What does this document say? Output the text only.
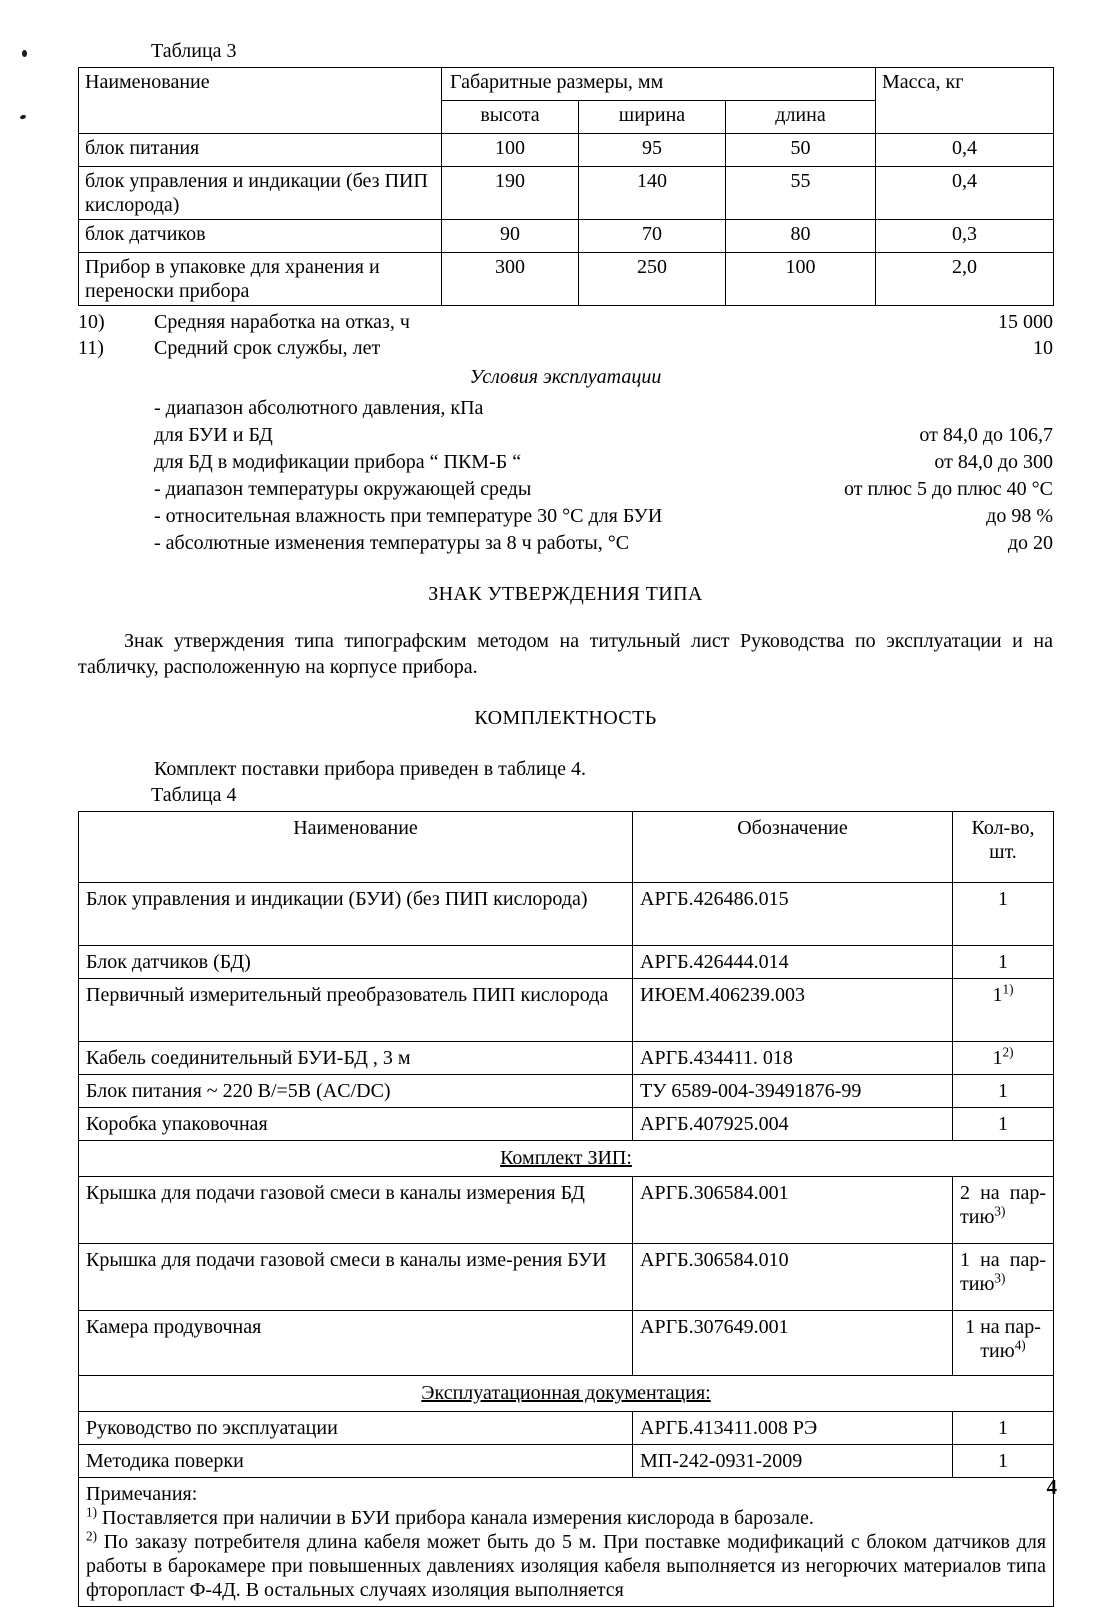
Таблица 3
Наименование	Габаритные размеры, мм			Масса, кг
	высота	ширина	длина	
блок питания	100	95	50	0,4
блок управления и индикации (без ПИП кислорода)	190	140	55	0,4
блок датчиков	90	70	80	0,3
Прибор в упаковке для хранения и переноски прибора	300	250	100	2,0
10)	Средняя наработка на отказ, ч	15 000
11)	Средний срок службы, лет	10
Условия эксплуатации
- диапазон абсолютного давления, кПа
для БУИ и БД	от 84,0 до 106,7
для БД в модификации прибора “ ПКМ-Б “	от 84,0 до 300
- диапазон температуры окружающей среды	от плюс 5 до плюс 40 °С
- относительная влажность при температуре 30 °С для БУИ	до 98 %
- абсолютные изменения температуры за 8 ч работы, °С	до 20
ЗНАК УТВЕРЖДЕНИЯ ТИПА
Знак утверждения типа типографским методом на титульный лист Руководства по эксплуатации и на табличку, расположенную на корпусе прибора.
КОМПЛЕКТНОСТЬ
Комплект поставки прибора приведен в таблице 4.
Таблица 4
Наименование	Обозначение	Кол-во,
шт.
Блок управления и индикации (БУИ) (без ПИП кислорода)	АРГБ.426486.015	1
Блок датчиков (БД)	АРГБ.426444.014	1
Первичный измерительный преобразователь ПИП кислорода	ИЮЕМ.406239.003	1$^{1)}$
Кабель соединительный БУИ-БД , 3 м	АРГБ.434411. 018	1$^{2)}$
Блок питания ~ 220 В/=5В (AC/DC)	ТУ 6589-004-39491876-99	1
Коробка упаковочная	АРГБ.407925.004	1
Комплект ЗИП:		
Крышка для подачи газовой смеси в каналы измерения БД	АРГБ.306584.001	2 на пар-тию$^{3)}$
Крышка для подачи газовой смеси в каналы изме-рения БУИ	АРГБ.306584.010	1 на пар-тию$^{3)}$
Камера продувочная	АРГБ.307649.001	1 на пар-тию$^{4)}$
Эксплуатационная документация:		
Руководство по эксплуатации	АРГБ.413411.008 РЭ	1
Методика поверки	МП-242-0931-2009	1

Примечания:

$^{1)}$ Поставляется при наличии в БУИ прибора канала измерения кислорода в барозале.

$^{2)}$ По заказу потребителя длина кабеля может быть до 5 м. При поставке модификаций с блоком датчиков для работы в барокамере при повышенных давлениях изоляция кабеля выполняется из негорючих материалов типа фторопласт Ф-4Д. В остальных случаях изоляция выполняется		

4
